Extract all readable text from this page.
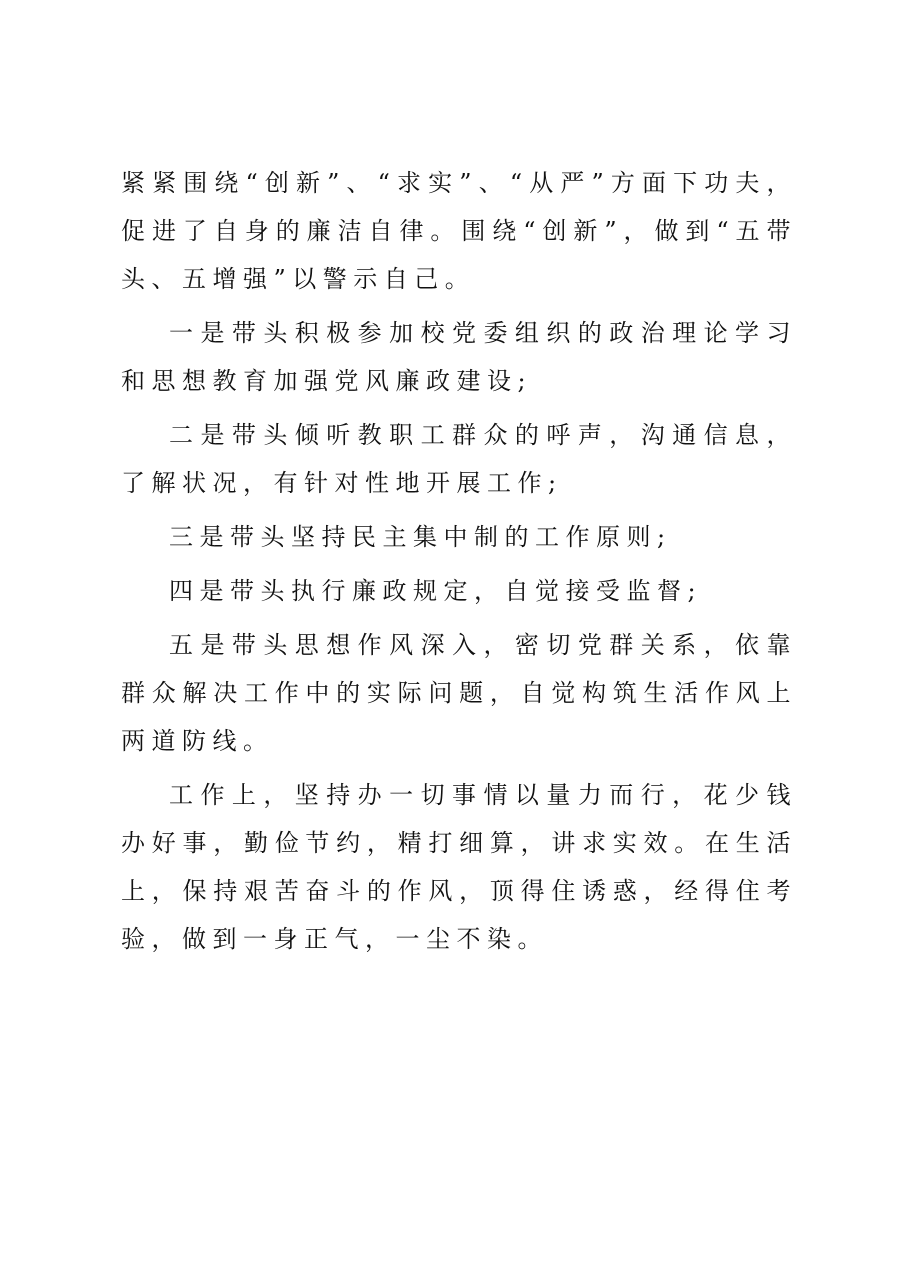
紧紧围绕“创新”、“求实”、“从严”方面下功夫，促进了自身的廉洁自律。围绕“创新”，做到“五带头、五增强”以警示自己。

一是带头积极参加校党委组织的政治理论学习和思想教育加强党风廉政建设;

二是带头倾听教职工群众的呼声，沟通信息，了解状况，有针对性地开展工作;

三是带头坚持民主集中制的工作原则;

四是带头执行廉政规定，自觉接受监督;

五是带头思想作风深入，密切党群关系，依靠群众解决工作中的实际问题，自觉构筑生活作风上两道防线。

工作上，坚持办一切事情以量力而行，花少钱办好事，勤俭节约，精打细算，讲求实效。在生活上，保持艰苦奋斗的作风，顶得住诱惑，经得住考验，做到一身正气，一尘不染。
